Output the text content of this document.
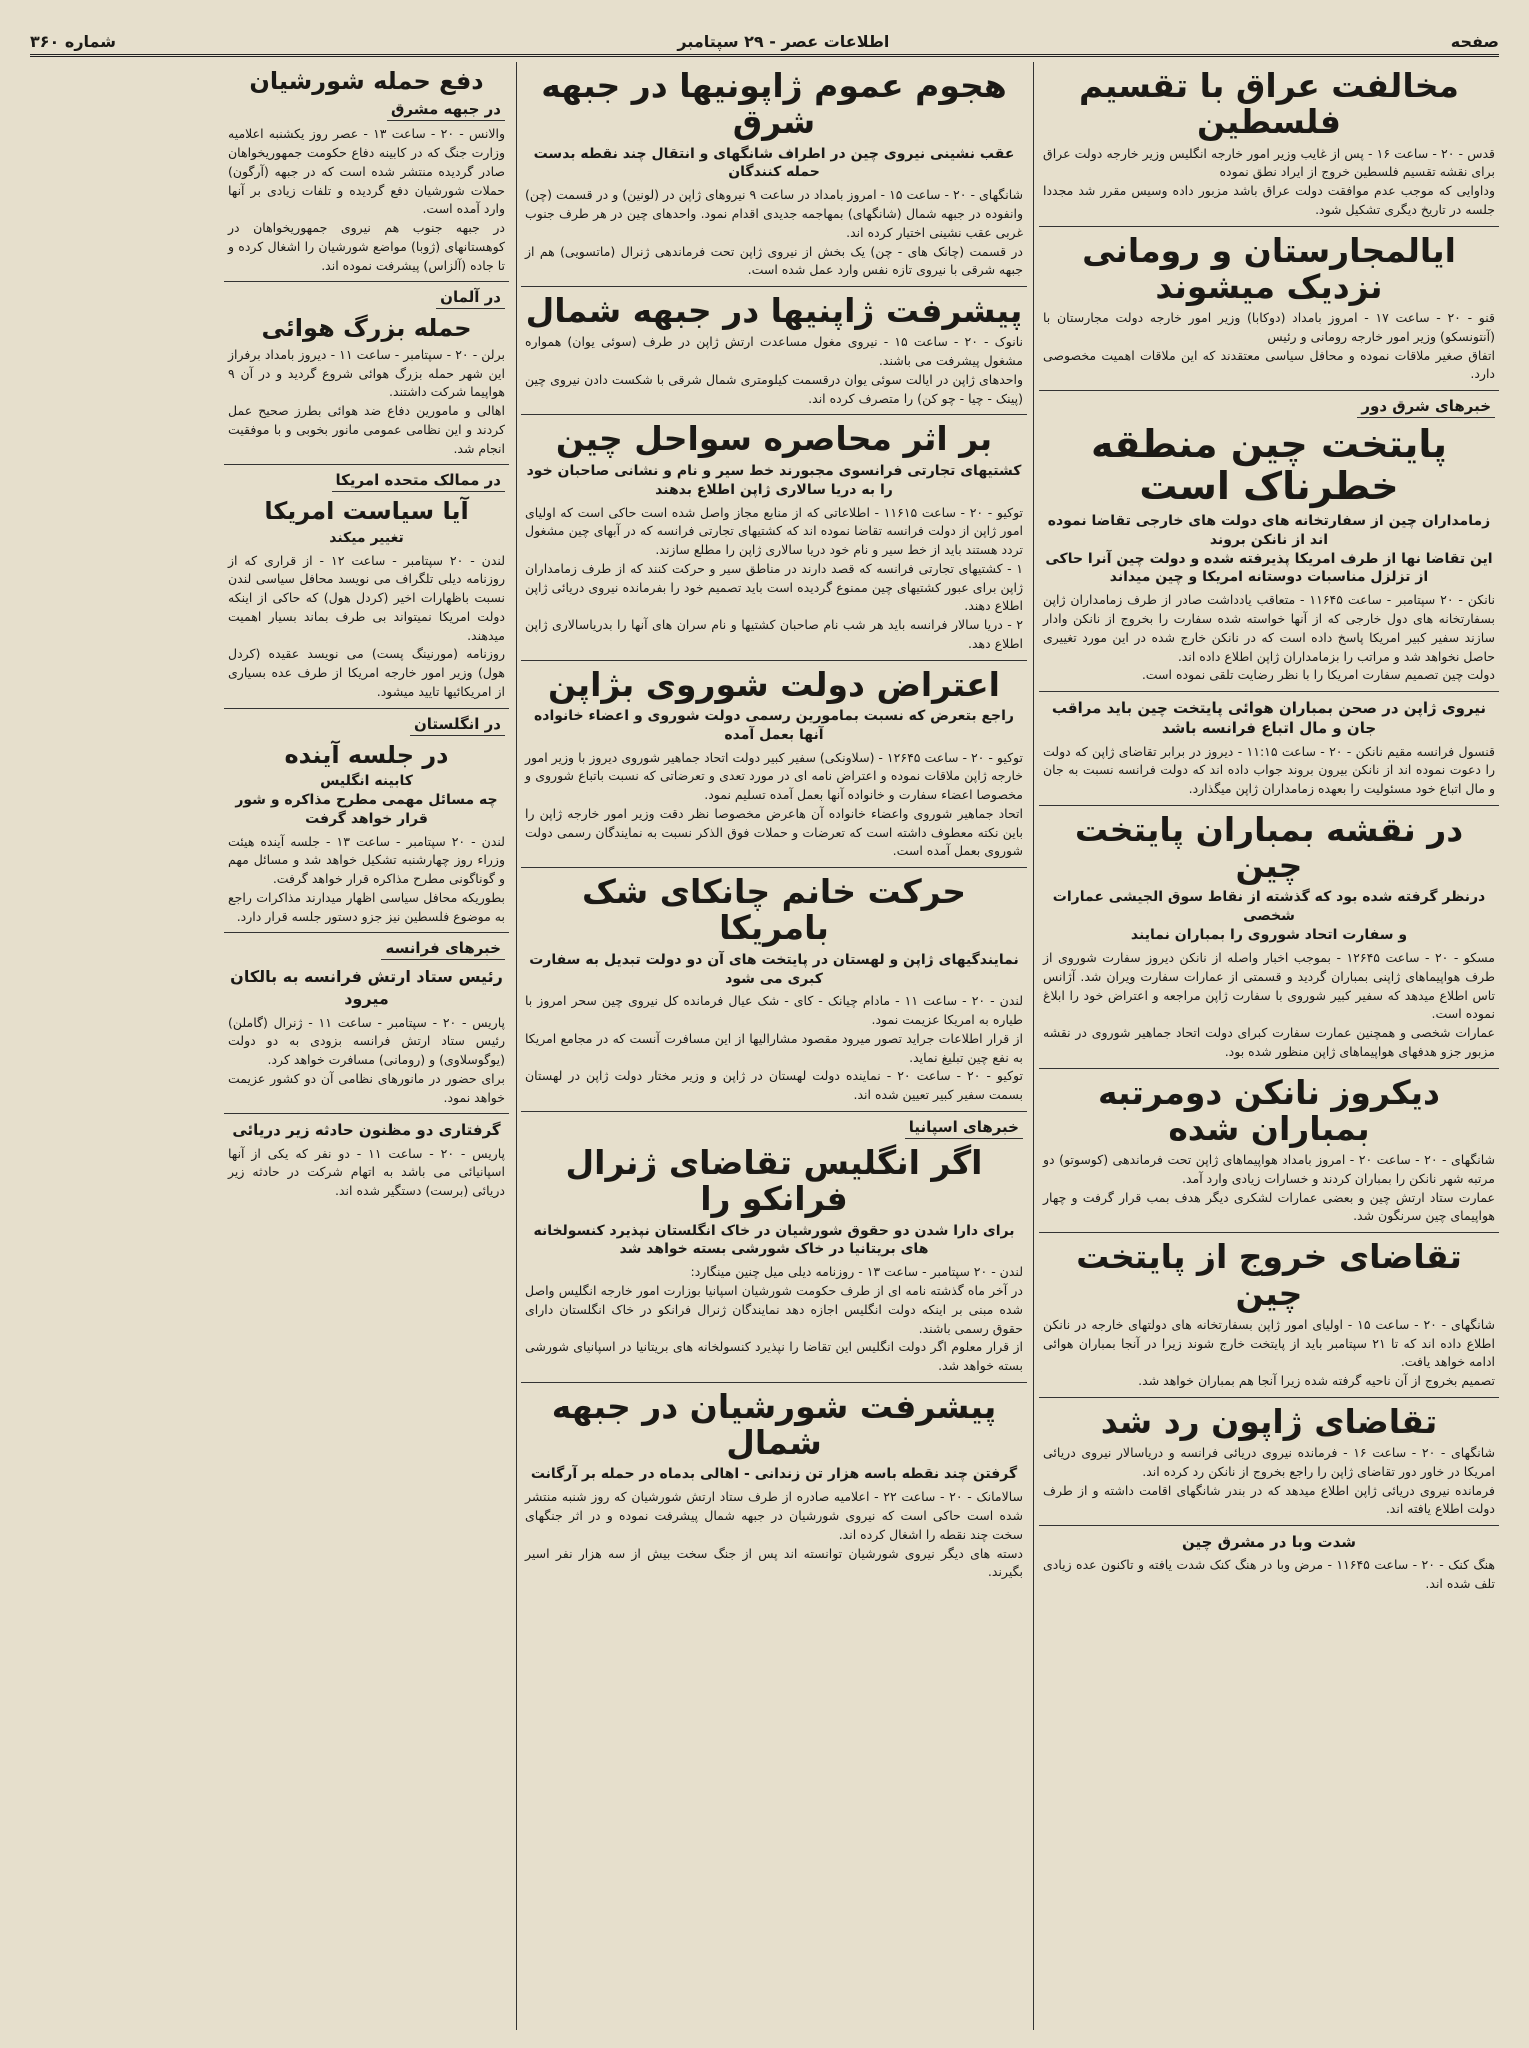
صفحه
اطلاعات عصر - ۲۹ سپتامبر
شماره ۳۶۰
مخالفت عراق با تقسیم فلسطین

قدس - ۲۰ - ساعت ۱۶ - پس از غایب وزیر امور خارجه انگلیس وزیر خارجه دولت عراق برای نقشه تقسیم فلسطین خروج از ایراد نطق نموده
وداوایی که موجب عدم موافقت دولت عراق باشد مزبور داده وسیس مقرر شد مجددا جلسه در تاریخ دیگری تشکیل شود.

ایالمجارستان و رومانی نزدیک میشوند

قنو - ۲۰ - ساعت ۱۷ - امروز بامداد (دوکابا) وزیر امور خارجه دولت مجارستان با (آنتونسکو) وزیر امور خارجه رومانی و رئیس
اتفاق صغیر ملاقات نموده و محافل سیاسی معتقدند که این ملاقات اهمیت مخصوصی دارد.

خبرهای شرق دور
پایتخت چین منطقه خطرناک است
زمامداران چین از سفارتخانه های دولت های خارجی تقاضا نموده اند از نانکن بروند
این تقاضا نها از طرف امریکا پذیرفته شده و دولت چین آنرا حاکی از تزلزل مناسبات دوستانه امریکا و چین میداند

نانکن - ۲۰ سپتامبر - ساعت ۱۱۶۴۵ - متعاقب یادداشت صادر از طرف زمامداران ژاپن بسفارتخانه های دول خارجی که از آنها خواسته شده سفارت را بخروج از نانکن وادار سازند سفیر کبیر امریکا پاسخ داده است که در نانکن خارج شده در این مورد تغییری حاصل نخواهد شد و مراتب را بزمامداران ژاپن اطلاع داده اند.
دولت چین تصمیم سفارت امریکا را با نظر رضایت تلقی نموده است.

نیروی ژاپن در صحن بمباران هوائی پایتخت چین باید مراقب جان و مال اتباع فرانسه باشد

قنسول فرانسه مقیم نانکن - ۲۰ - ساعت ۱۱:۱۵ - دیروز در برابر تقاضای ژاپن که دولت را دعوت نموده اند از نانکن بیرون بروند جواب داده اند که دولت فرانسه نسبت به جان و مال اتباع خود مسئولیت را بعهده زمامداران ژاپن میگذارد.

در نقشه بمباران پایتخت چین
درنظر گرفته شده بود که گذشته از نقاط سوق الجیشی عمارات شخصی
و سفارت اتحاد شوروی را بمباران نمایند

مسکو - ۲۰ - ساعت ۱۲۶۴۵ - بموجب اخبار واصله از نانکن دیروز سفارت شوروی از طرف هواپیماهای ژاپنی بمباران گردید و قسمتی از عمارات سفارت ویران شد. آژانس تاس اطلاع میدهد که سفیر کبیر شوروی با سفارت ژاپن مراجعه و اعتراض خود را ابلاغ نموده است.
عمارات شخصی و همچنین عمارت سفارت کبرای دولت اتحاد جماهیر شوروی در نقشه مزبور جزو هدفهای هواپیماهای ژاپن منظور شده بود.

دیکروز نانکن دومرتبه بمباران شده

شانگهای - ۲۰ - ساعت ۲۰ - امروز بامداد هواپیماهای ژاپن تحت فرماندهی (کوسوتو) دو مرتبه شهر نانکن را بمباران کردند و خسارات زیادی وارد آمد.
عمارت ستاد ارتش چین و بعضی عمارات لشکری دیگر هدف بمب قرار گرفت و چهار هواپیمای چین سرنگون شد.

تقاضای خروج از پایتخت چین

شانگهای - ۲۰ - ساعت ۱۵ - اولیای امور ژاپن بسفارتخانه های دولتهای خارجه در نانکن اطلاع داده اند که تا ۲۱ سپتامبر باید از پایتخت خارج شوند زیرا در آنجا بمباران هوائی ادامه خواهد یافت.
تصمیم بخروج از آن ناحیه گرفته شده زیرا آنجا هم بمباران خواهد شد.

تقاضای ژاپون رد شد

شانگهای - ۲۰ - ساعت ۱۶ - فرمانده نیروی دریائی فرانسه و دریاسالار نیروی دریائی امریکا در خاور دور تقاضای ژاپن را راجع بخروج از نانکن رد کرده اند.
فرمانده نیروی دریائی ژاپن اطلاع میدهد که در بندر شانگهای اقامت داشته و از طرف دولت اطلاع یافته اند.

شدت وبا در مشرق چین

هنگ کنک - ۲۰ - ساعت ۱۱۶۴۵ - مرض وبا در هنگ کنک شدت یافته و تاکنون عده زیادی تلف شده اند.

هجوم عموم ژاپونیها در جبهه شرق
عقب نشینی نیروی چین در اطراف شانگهای و انتقال چند نقطه بدست حمله کنندگان

شانگهای - ۲۰ - ساعت ۱۵ - امروز بامداد در ساعت ۹ نیروهای ژاپن در (لونین) و در قسمت (چن) وانفوده در جبهه شمال (شانگهای) بمهاجمه جدیدی اقدام نمود. واحدهای چین در هر طرف جنوب غربی عقب نشینی اختیار کرده اند.
در قسمت (چانک های - چن) یک بخش از نیروی ژاپن تحت فرماندهی ژنرال (ماتسویی) هم از جبهه شرقی با نیروی تازه نفس وارد عمل شده است.

پیشرفت ژاپنیها در جبهه شمال

نانوک - ۲۰ - ساعت ۱۵ - نیروی مغول مساعدت ارتش ژاپن در طرف (سوئی یوان) همواره مشغول پیشرفت می باشند.
واحدهای ژاپن در ایالت سوئی یوان درقسمت کیلومتری شمال شرقی با شکست دادن نیروی چین (پینک - چیا - چو کن) را متصرف کرده اند.

بر اثر محاصره سواحل چین
کشتیهای تجارتی فرانسوی مجبورند خط سیر و نام و نشانی صاحبان خود را به دریا سالاری ژاپن اطلاع بدهند

توکیو - ۲۰ - ساعت ۱۱۶۱۵ - اطلاعاتی که از منابع مجاز واصل شده است حاکی است که اولیای امور ژاپن از دولت فرانسه تقاضا نموده اند که کشتیهای تجارتی فرانسه که در آبهای چین مشغول تردد هستند باید از خط سیر و نام خود دریا سالاری ژاپن را مطلع سازند.
۱ - کشتیهای تجارتی فرانسه که قصد دارند در مناطق سیر و حرکت کنند که از طرف زمامداران ژاپن برای عبور کشتیهای چین ممنوع گردیده است باید تصمیم خود را بفرمانده نیروی دریائی ژاپن اطلاع دهند.
۲ - دریا سالار فرانسه باید هر شب نام صاحبان کشتیها و نام سران های آنها را بدریاسالاری ژاپن اطلاع دهد.

اعتراض دولت شوروی بژاپن
راجع بتعرض که نسبت بمامورین رسمی دولت شوروی و اعضاء خانواده آنها بعمل آمده

توکیو - ۲۰ - ساعت ۱۲۶۴۵ - (سلاونکی) سفیر کبیر دولت اتحاد جماهیر شوروی دیروز با وزیر امور خارجه ژاپن ملاقات نموده و اعتراض نامه ای در مورد تعدی و تعرضاتی که نسبت باتباع شوروی و مخصوصا اعضاء سفارت و خانواده آنها بعمل آمده تسلیم نمود.
اتحاد جماهیر شوروی واعضاء خانواده آن هاعرض مخصوصا نظر دقت وزیر امور خارجه ژاپن را باین نکته معطوف داشته است که تعرضات و حملات فوق الذکر نسبت به نمایندگان رسمی دولت شوروی بعمل آمده است.

حرکت خانم چانکای شک بامریکا
نمایندگیهای ژاپن و لهستان در پایتخت های آن دو دولت تبدیل به سفارت کبری می شود

لندن - ۲۰ - ساعت ۱۱ - مادام چیانک - کای - شک عیال فرمانده کل نیروی چین سحر امروز با طیاره به امریکا عزیمت نمود.
از قرار اطلاعات جراید تصور میرود مقصود مشارالیها از این مسافرت آنست که در مجامع امریکا به نفع چین تبلیغ نماید.
توکیو - ۲۰ - ساعت ۲۰ - نماینده دولت لهستان در ژاپن و وزیر مختار دولت ژاپن در لهستان بسمت سفیر کبیر تعیین شده اند.

خبرهای اسپانیا
اگر انگلیس تقاضای ژنرال فرانکو را
برای دارا شدن دو حقوق شورشیان در خاک انگلستان نپذیرد کنسولخانه های بریتانیا در خاک شورشی بسته خواهد شد

لندن - ۲۰ سپتامبر - ساعت ۱۳ - روزنامه دیلی میل چنین مینگارد:
در آخر ماه گذشته نامه ای از طرف حکومت شورشیان اسپانیا بوزارت امور خارجه انگلیس واصل شده مبنی بر اینکه دولت انگلیس اجازه دهد نمایندگان ژنرال فرانکو در خاک انگلستان دارای حقوق رسمی باشند.
از قرار معلوم اگر دولت انگلیس این تقاضا را نپذیرد کنسولخانه های بریتانیا در اسپانیای شورشی بسته خواهد شد.

پیشرفت شورشیان در جبهه شمال
گرفتن چند نقطه باسه هزار تن زندانی - اهالی بدماه در حمله بر آرگانت

سالامانک - ۲۰ - ساعت ۲۲ - اعلامیه صادره از طرف ستاد ارتش شورشیان که روز شنبه منتشر شده است حاکی است که نیروی شورشیان در جبهه شمال پیشرفت نموده و در اثر جنگهای سخت چند نقطه را اشغال کرده اند.
دسته های دیگر نیروی شورشیان توانسته اند پس از جنگ سخت بیش از سه هزار نفر اسیر بگیرند.

دفع حمله شورشیان
در جبهه مشرق

والانس - ۲۰ - ساعت ۱۳ - عصر روز یکشنبه اعلامیه وزارت جنگ که در کابینه دفاع حکومت جمهوریخواهان صادر گردیده منتشر شده است که در جبهه (آرگون) حملات شورشیان دفع گردیده و تلفات زیادی بر آنها وارد آمده است.
در جبهه جنوب هم نیروی جمهوریخواهان در کوهستانهای (ژوبا) مواضع شورشیان را اشغال کرده و تا جاده (آلزاس) پیشرفت نموده اند.

در آلمان
حمله بزرگ هوائی

برلن - ۲۰ - سپتامبر - ساعت ۱۱ - دیروز بامداد برفراز این شهر حمله بزرگ هوائی شروع گردید و در آن ۹ هواپیما شرکت داشتند.
اهالی و مامورین دفاع ضد هوائی بطرز صحیح عمل کردند و این نظامی عمومی مانور بخوبی و با موفقیت انجام شد.

در ممالک متحده امریکا
آیا سیاست امریکا
تغییر میکند

لندن - ۲۰ سپتامبر - ساعت ۱۲ - از قراری که از روزنامه دیلی تلگراف می نویسد محافل سیاسی لندن نسبت باظهارات اخیر (کردل هول) که حاکی از اینکه دولت امریکا نمیتواند بی طرف بماند بسیار اهمیت میدهند.
روزنامه (مورنینگ پست) می نویسد عقیده (کردل هول) وزیر امور خارجه امریکا از طرف عده بسیاری از امریکائیها تایید میشود.

در انگلستان
در جلسه آینده
کابینه انگلیس
چه مسائل مهمی مطرح مذاکره و شور قرار خواهد گرفت

لندن - ۲۰ سپتامبر - ساعت ۱۳ - جلسه آینده هیئت وزراء روز چهارشنبه تشکیل خواهد شد و مسائل مهم و گوناگونی مطرح مذاکره قرار خواهد گرفت.
بطوریکه محافل سیاسی اظهار میدارند مذاکرات راجع به موضوع فلسطین نیز جزو دستور جلسه قرار دارد.

خبرهای فرانسه
رئیس ستاد ارتش فرانسه به بالکان میرود

پاریس - ۲۰ - سپتامبر - ساعت ۱۱ - ژنرال (گاملن) رئیس ستاد ارتش فرانسه بزودی به دو دولت (یوگوسلاوی) و (رومانی) مسافرت خواهد کرد.
برای حضور در مانورهای نظامی آن دو کشور عزیمت خواهد نمود.

گرفتاری دو مظنون حادثه زیر دریائی

پاریس - ۲۰ - ساعت ۱۱ - دو نفر که یکی از آنها اسپانیائی می باشد به اتهام شرکت در حادثه زیر دریائی (برست) دستگیر شده اند.
